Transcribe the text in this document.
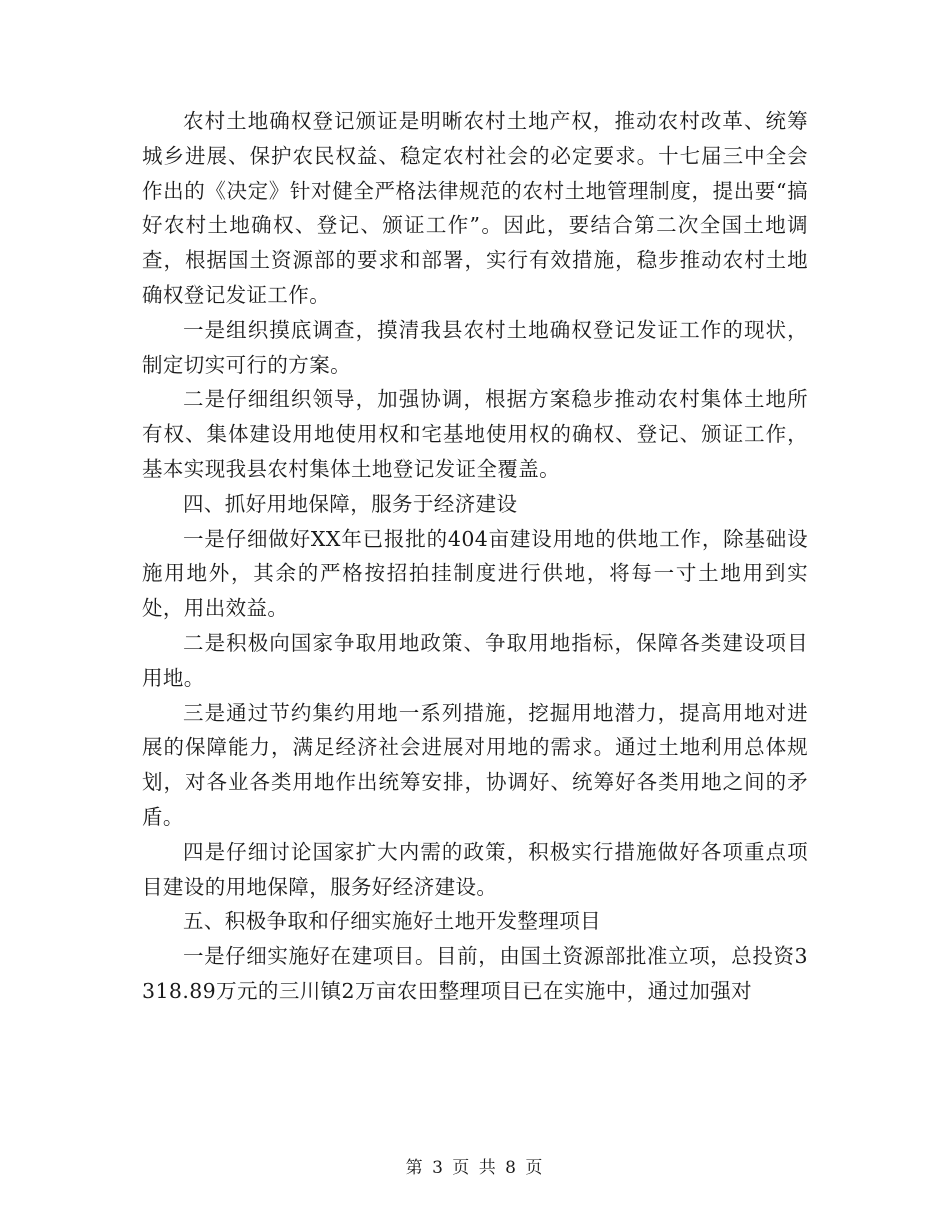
农村土地确权登记颁证是明晰农村土地产权，推动农村改革、统筹城乡进展、保护农民权益、稳定农村社会的必定要求。十七届三中全会作出的《决定》针对健全严格法律规范的农村土地管理制度，提出要“搞好农村土地确权、登记、颁证工作”。因此，要结合第二次全国土地调查，根据国土资源部的要求和部署，实行有效措施，稳步推动农村土地确权登记发证工作。

一是组织摸底调查，摸清我县农村土地确权登记发证工作的现状，制定切实可行的方案。

二是仔细组织领导，加强协调，根据方案稳步推动农村集体土地所有权、集体建设用地使用权和宅基地使用权的确权、登记、颁证工作，基本实现我县农村集体土地登记发证全覆盖。

四、抓好用地保障，服务于经济建设

一是仔细做好XX年已报批的404亩建设用地的供地工作，除基础设施用地外，其余的严格按招拍挂制度进行供地，将每一寸土地用到实处，用出效益。

二是积极向国家争取用地政策、争取用地指标，保障各类建设项目用地。

三是通过节约集约用地一系列措施，挖掘用地潜力，提高用地对进展的保障能力，满足经济社会进展对用地的需求。通过土地利用总体规划，对各业各类用地作出统筹安排，协调好、统筹好各类用地之间的矛盾。

四是仔细讨论国家扩大内需的政策，积极实行措施做好各项重点项目建设的用地保障，服务好经济建设。

五、积极争取和仔细实施好土地开发整理项目

一是仔细实施好在建项目。目前，由国土资源部批准立项，总投资3318.89万元的三川镇2万亩农田整理项目已在实施中，通过加强对

第 3 页 共 8 页
